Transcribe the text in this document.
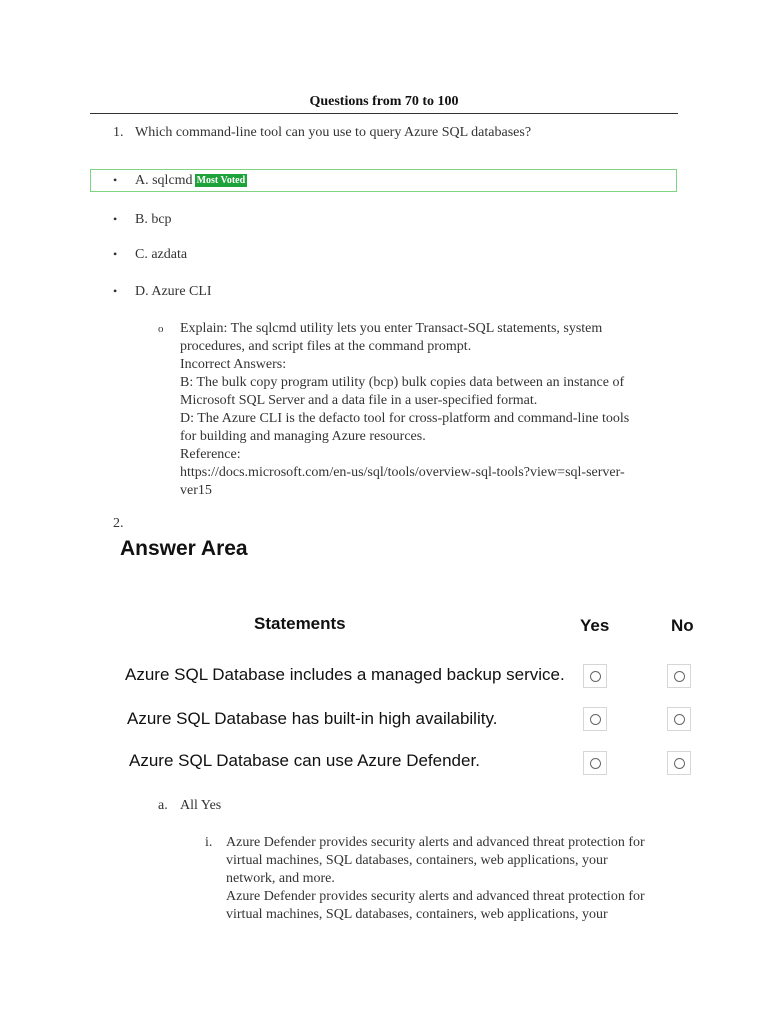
Questions from 70 to 100
1. Which command-line tool can you use to query Azure SQL databases?
• A. sqlcmd Most Voted
• B. bcp
• C. azdata
• D. Azure CLI
o Explain: The sqlcmd utility lets you enter Transact-SQL statements, system
procedures, and script files at the command prompt.
Incorrect Answers:
B: The bulk copy program utility (bcp) bulk copies data between an instance of
Microsoft SQL Server and a data file in a user-specified format.
D: The Azure CLI is the defacto tool for cross-platform and command-line tools
for building and managing Azure resources.
Reference:
https://docs.microsoft.com/en-us/sql/tools/overview-sql-tools?view=sql-server-
ver15
2.
Answer Area
Statements	Yes	No
Azure SQL Database includes a managed backup service.
Azure SQL Database has built-in high availability.
Azure SQL Database can use Azure Defender.
a. All Yes
i. Azure Defender provides security alerts and advanced threat protection for
virtual machines, SQL databases, containers, web applications, your
network, and more.
Azure Defender provides security alerts and advanced threat protection for
virtual machines, SQL databases, containers, web applications, your
